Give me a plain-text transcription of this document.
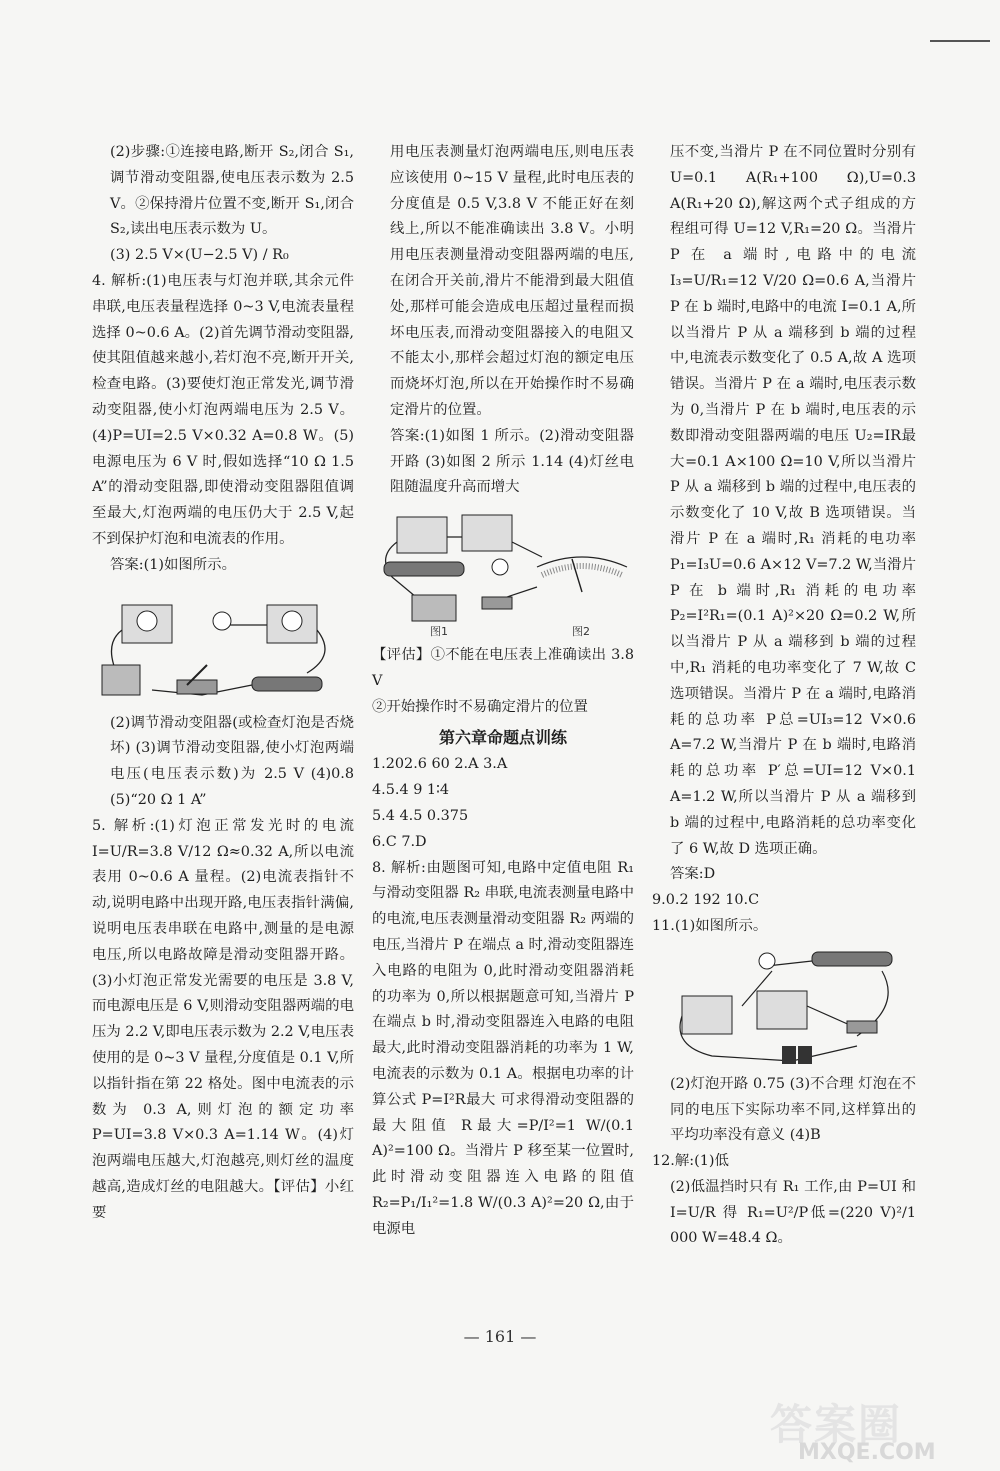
(2)步骤:①连接电路,断开 S₂,闭合 S₁,调节滑动变阻器,使电压表示数为 2.5 V。②保持滑片位置不变,断开 S₁,闭合 S₂,读出电压表示数为 U。

(3) 2.5 V×(U−2.5 V) / R₀

4. 解析:(1)电压表与灯泡并联,其余元件串联,电压表量程选择 0~3 V,电流表量程选择 0~0.6 A。(2)首先调节滑动变阻器,使其阻值越来越小,若灯泡不亮,断开开关,检查电路。(3)要使灯泡正常发光,调节滑动变阻器,使小灯泡两端电压为 2.5 V。(4)P=UI=2.5 V×0.32 A=0.8 W。(5)电源电压为 6 V 时,假如选择“10 Ω 1.5 A”的滑动变阻器,即使滑动变阻器阻值调至最大,灯泡两端的电压仍大于 2.5 V,起不到保护灯泡和电流表的作用。

答案:(1)如图所示。

(2)调节滑动变阻器(或检查灯泡是否烧坏) (3)调节滑动变阻器,使小灯泡两端电压(电压表示数)为 2.5 V (4)0.8 (5)“20 Ω 1 A”

5. 解析:(1)灯泡正常发光时的电流 I=U/R=3.8 V/12 Ω≈0.32 A,所以电流表用 0~0.6 A 量程。(2)电流表指针不动,说明电路中出现开路,电压表指针满偏,说明电压表串联在电路中,测量的是电源电压,所以电路故障是滑动变阻器开路。(3)小灯泡正常发光需要的电压是 3.8 V,而电源电压是 6 V,则滑动变阻器两端的电压为 2.2 V,即电压表示数为 2.2 V,电压表使用的是 0~3 V 量程,分度值是 0.1 V,所以指针指在第 22 格处。图中电流表的示数为 0.3 A,则灯泡的额定功率 P=UI=3.8 V×0.3 A=1.14 W。(4)灯泡两端电压越大,灯泡越亮,则灯丝的温度越高,造成灯丝的电阻越大。【评估】小红要

用电压表测量灯泡两端电压,则电压表应该使用 0~15 V 量程,此时电压表的分度值是 0.5 V,3.8 V 不能正好在刻线上,所以不能准确读出 3.8 V。小明用电压表测量滑动变阻器两端的电压,在闭合开关前,滑片不能滑到最大阻值处,那样可能会造成电压超过量程而损坏电压表,而滑动变阻器接入的电阻又不能太小,那样会超过灯泡的额定电压而烧坏灯泡,所以在开始操作时不易确定滑片的位置。

答案:(1)如图 1 所示。(2)滑动变阻器开路 (3)如图 2 所示 1.14 (4)灯丝电阻随温度升高而增大

图1	图2

【评估】①不能在电压表上准确读出 3.8 V

②开始操作时不易确定滑片的位置

第六章命题点训练

1.202.6 60 2.A 3.A

4.5.4 9 1∶4

5.4 4.5 0.375

6.C 7.D

8. 解析:由题图可知,电路中定值电阻 R₁ 与滑动变阻器 R₂ 串联,电流表测量电路中的电流,电压表测量滑动变阻器 R₂ 两端的电压,当滑片 P 在端点 a 时,滑动变阻器连入电路的电阻为 0,此时滑动变阻器消耗的功率为 0,所以根据题意可知,当滑片 P 在端点 b 时,滑动变阻器连入电路的电阻最大,此时滑动变阻器消耗的功率为 1 W,电流表的示数为 0.1 A。根据电功率的计算公式 P=I²R最大 可求得滑动变阻器的最大阻值 R最大=P/I²=1 W/(0.1 A)²=100 Ω。当滑片 P 移至某一位置时,此时滑动变阻器连入电路的阻值 R₂=P₁/I₁²=1.8 W/(0.3 A)²=20 Ω,由于电源电

压不变,当滑片 P 在不同位置时分别有 U=0.1 A(R₁+100 Ω),U=0.3 A(R₁+20 Ω),解这两个式子组成的方程组可得 U=12 V,R₁=20 Ω。当滑片 P 在 a 端时,电路中的电流 I₃=U/R₁=12 V/20 Ω=0.6 A,当滑片 P 在 b 端时,电路中的电流 I=0.1 A,所以当滑片 P 从 a 端移到 b 端的过程中,电流表示数变化了 0.5 A,故 A 选项错误。当滑片 P 在 a 端时,电压表示数为 0,当滑片 P 在 b 端时,电压表的示数即滑动变阻器两端的电压 U₂=IR最大=0.1 A×100 Ω=10 V,所以当滑片 P 从 a 端移到 b 端的过程中,电压表的示数变化了 10 V,故 B 选项错误。当滑片 P 在 a 端时,R₁ 消耗的电功率 P₁=I₃U=0.6 A×12 V=7.2 W,当滑片 P 在 b 端时,R₁ 消耗的电功率 P₂=I²R₁=(0.1 A)²×20 Ω=0.2 W,所以当滑片 P 从 a 端移到 b 端的过程中,R₁ 消耗的电功率变化了 7 W,故 C 选项错误。当滑片 P 在 a 端时,电路消耗的总功率 P总=UI₃=12 V×0.6 A=7.2 W,当滑片 P 在 b 端时,电路消耗的总功率 P′总=UI=12 V×0.1 A=1.2 W,所以当滑片 P 从 a 端移到 b 端的过程中,电路消耗的总功率变化了 6 W,故 D 选项正确。

答案:D

9.0.2 192 10.C

11.(1)如图所示。

(2)灯泡开路 0.75 (3)不合理 灯泡在不同的电压下实际功率不同,这样算出的平均功率没有意义 (4)B

12.解:(1)低

(2)低温挡时只有 R₁ 工作,由 P=UI 和 I=U/R 得 R₁=U²/P低=(220 V)²/1 000 W=48.4 Ω。

— 161 —
答案圈
MXQE.COM
